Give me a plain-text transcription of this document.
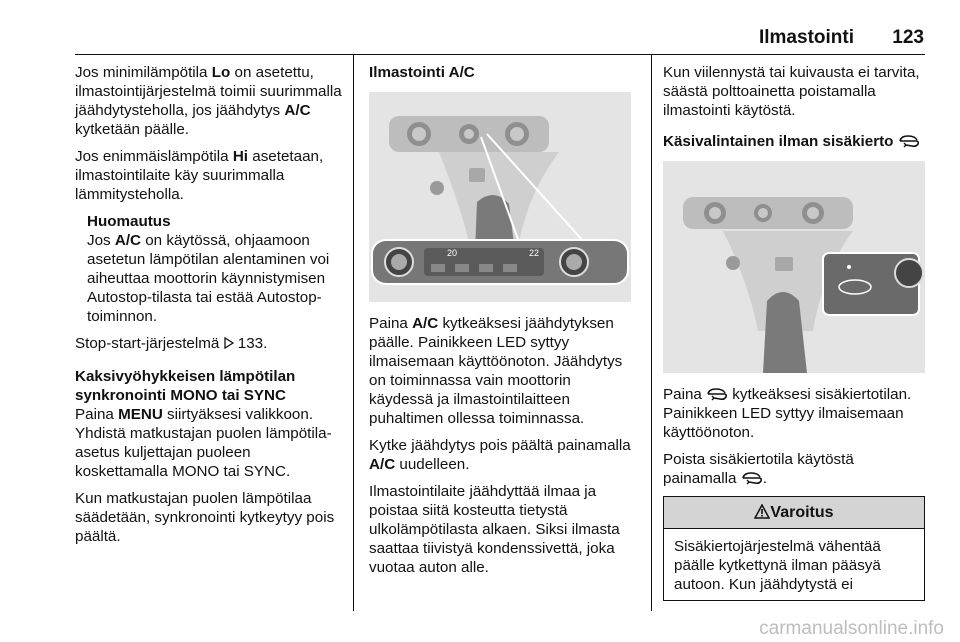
Ilmastointi 123

Jos minimilämpötila Lo on asetettu, ilmastointijärjestelmä toimii suurimmalla jäähdytysteholla, jos jäähdytys A/C kytketään päälle.

Jos enimmäislämpötila Hi asetetaan, ilmastointilaite käy suurimmalla lämmitysteholla.

Huomautus
Jos A/C on käytössä, ohjaamoon asetetun lämpötilan alentaminen voi aiheuttaa moottorin käynnistymisen Autostop-tilasta tai estää Autostop-toiminnon.

Stop-start-järjestelmä  133.

Kaksivyöhykkeisen lämpötilan synkronointi MONO tai SYNC

Paina MENU siirtyäksesi valikkoon. Yhdistä matkustajan puolen lämpötila-asetus kuljettajan puoleen koskettamalla MONO tai SYNC.

Kun matkustajan puolen lämpötilaa säädetään, synkronointi kytkeytyy pois päältä.

Ilmastointi A/C
20	22

Paina A/C kytkeäksesi jäähdytyksen päälle. Painikkeen LED syttyy ilmaisemaan käyttöönoton. Jäähdytys on toiminnassa vain moottorin käydessä ja ilmastointilaitteen puhaltimen ollessa toiminnassa.

Kytke jäähdytys pois päältä painamalla A/C uudelleen.

Ilmastointilaite jäähdyttää ilmaa ja poistaa siitä kosteutta tietystä ulkolämpötilasta alkaen. Siksi ilmasta saattaa tiivistyä kondenssivettä, joka vuotaa auton alle.

Kun viilennystä tai kuivausta ei tarvita, säästä polttoainetta poistamalla ilmastointi käytöstä.

Käsivalintainen ilman sisäkierto

Paina  kytkeäksesi sisäkiertotilan. Painikkeen LED syttyy ilmaisemaan käyttöönoton.

Poista sisäkiertotila käytöstä painamalla .

Varoitus
Sisäkiertojärjestelmä vähentää päälle kytkettynä ilman pääsyä autoon. Kun jäähdytystä ei
carmanualsonline.info
